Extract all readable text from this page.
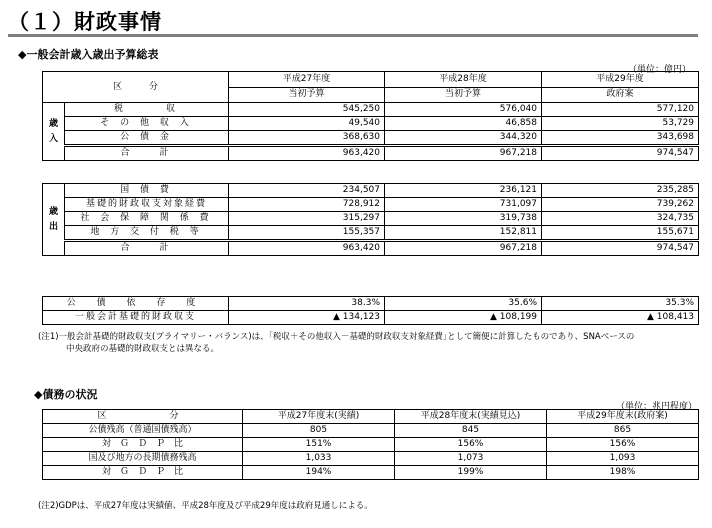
（１）財政事情
◆一般会計歳入歳出予算総表
（単位：億円）
区　　　分		平成27年度	平成28年度	平成29年度
		当初予算	当初予算	政府案

歳入	税　　　収	545,250	576,040	577,120
	そ の 他 収 入	49,540	46,858	53,729
	公 債 金	368,630	344,320	343,698
	合　　計	963,420	967,218	974,547
歳出	国 債 費	234,507	236,121	235,285
	基礎的財政収支対象経費	728,912	731,097	739,262
	社 会 保 障 関 係 費	315,297	319,738	324,735
	地 方 交 付 税 等	155,357	152,811	155,671
	合　　計	963,420	967,218	974,547
公 債 依 存 度	38.3%	35.6%	35.3%
一般会計基礎的財政収支	▲ 134,123	▲ 108,199	▲ 108,413
(注1)一般会計基礎的財政収支(プライマリー・バランス)は、｢税収＋その他収入－基礎的財政収支対象経費｣として簡便に計算したものであり、SNAベースの
中央政府の基礎的財政収支とは異なる。
◆債務の状況
（単位：兆円程度）
区　　　分	平成27年度末(実績)	平成28年度末(実績見込)	平成29年度末(政府案)
公債残高（普通国債残高）	805	845	865
対　Ｇ　Ｄ　Ｐ　比	151%	156%	156%
国及び地方の長期債務残高	1,033	1,073	1,093
対　Ｇ　Ｄ　Ｐ　比	194%	199%	198%
(注2)GDPは、平成27年度は実績値、平成28年度及び平成29年度は政府見通しによる。
